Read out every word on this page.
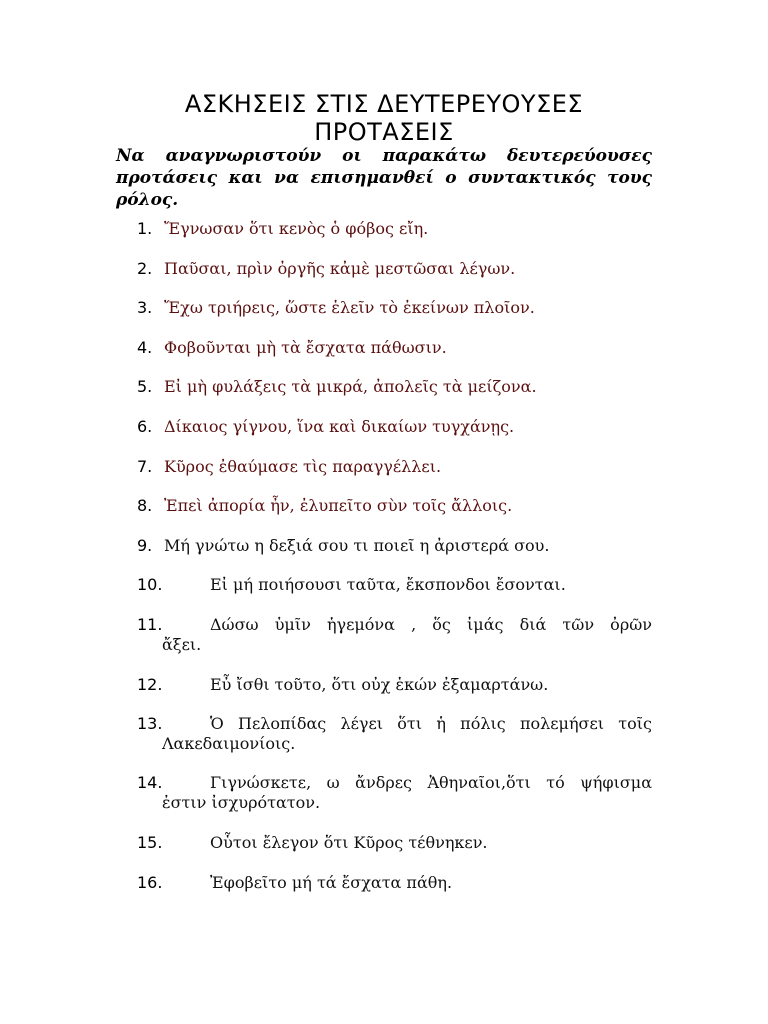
ΑΣΚΗΣΕΙΣ ΣΤΙΣ ΔΕΥΤΕΡΕΥΟΥΣΕΣ
ΠΡΟΤΑΣΕΙΣ
Να αναγνωριστούν οι παρακάτω δευτερεύουσες προτάσεις και να επισημανθεί ο συντακτικός τους ρόλος.
1. Ἔγνωσαν ὅτι κενὸς ὁ φόβος εἴη.
2. Παῦσαι, πρὶν ὀργῆς κἀμὲ μεστῶσαι λέγων.
3. Ἔχω τριήρεις, ὥστε ἑλεῖν τὸ ἐκείνων πλοῖον.
4. Φοβοῦνται μὴ τὰ ἔσχατα πάθωσιν.
5. Εἰ μὴ φυλάξεις τὰ μικρά, ἀπολεῖς τὰ μείζονα.
6. Δίκαιος γίγνου, ἵνα καὶ δικαίων τυγχάνῃς.
7. Κῦρος ἐθαύμασε τὶς παραγγέλλει.
8. Ἐπεὶ ἀπορία ἦν, ἐλυπεῖτο σὺν τοῖς ἄλλοις.
9. Μή γνώτω η δεξιά σου τι ποιεῖ η ἀριστερά σου.
10.	Εἰ μή ποιήσουσι ταῦτα, ἔκσπονδοι ἔσονται.
11.	Δώσω ὑμῖν ἡγεμόνα , ὅς ἱμάς διά τῶν ὀρῶν
ἄξει.
12.	Εὖ ἴσθι τοῦτο, ὅτι οὐχ ἑκών ἐξαμαρτάνω.
13.	Ὁ Πελοπίδας λέγει ὅτι ἡ πόλις πολεμήσει τοῖς
Λακεδαιμονίοις.
14.	Γιγνώσκετε, ω ἄνδρες Ἀθηναῖοι,ὅτι τό ψήφισμα
ἐστιν ἰσχυρότατον.
15.	Οὗτοι ἔλεγον ὅτι Κῦρος τέθνηκεν.
16.	Ἐφοβεῖτο μή τά ἔσχατα πάθη.
